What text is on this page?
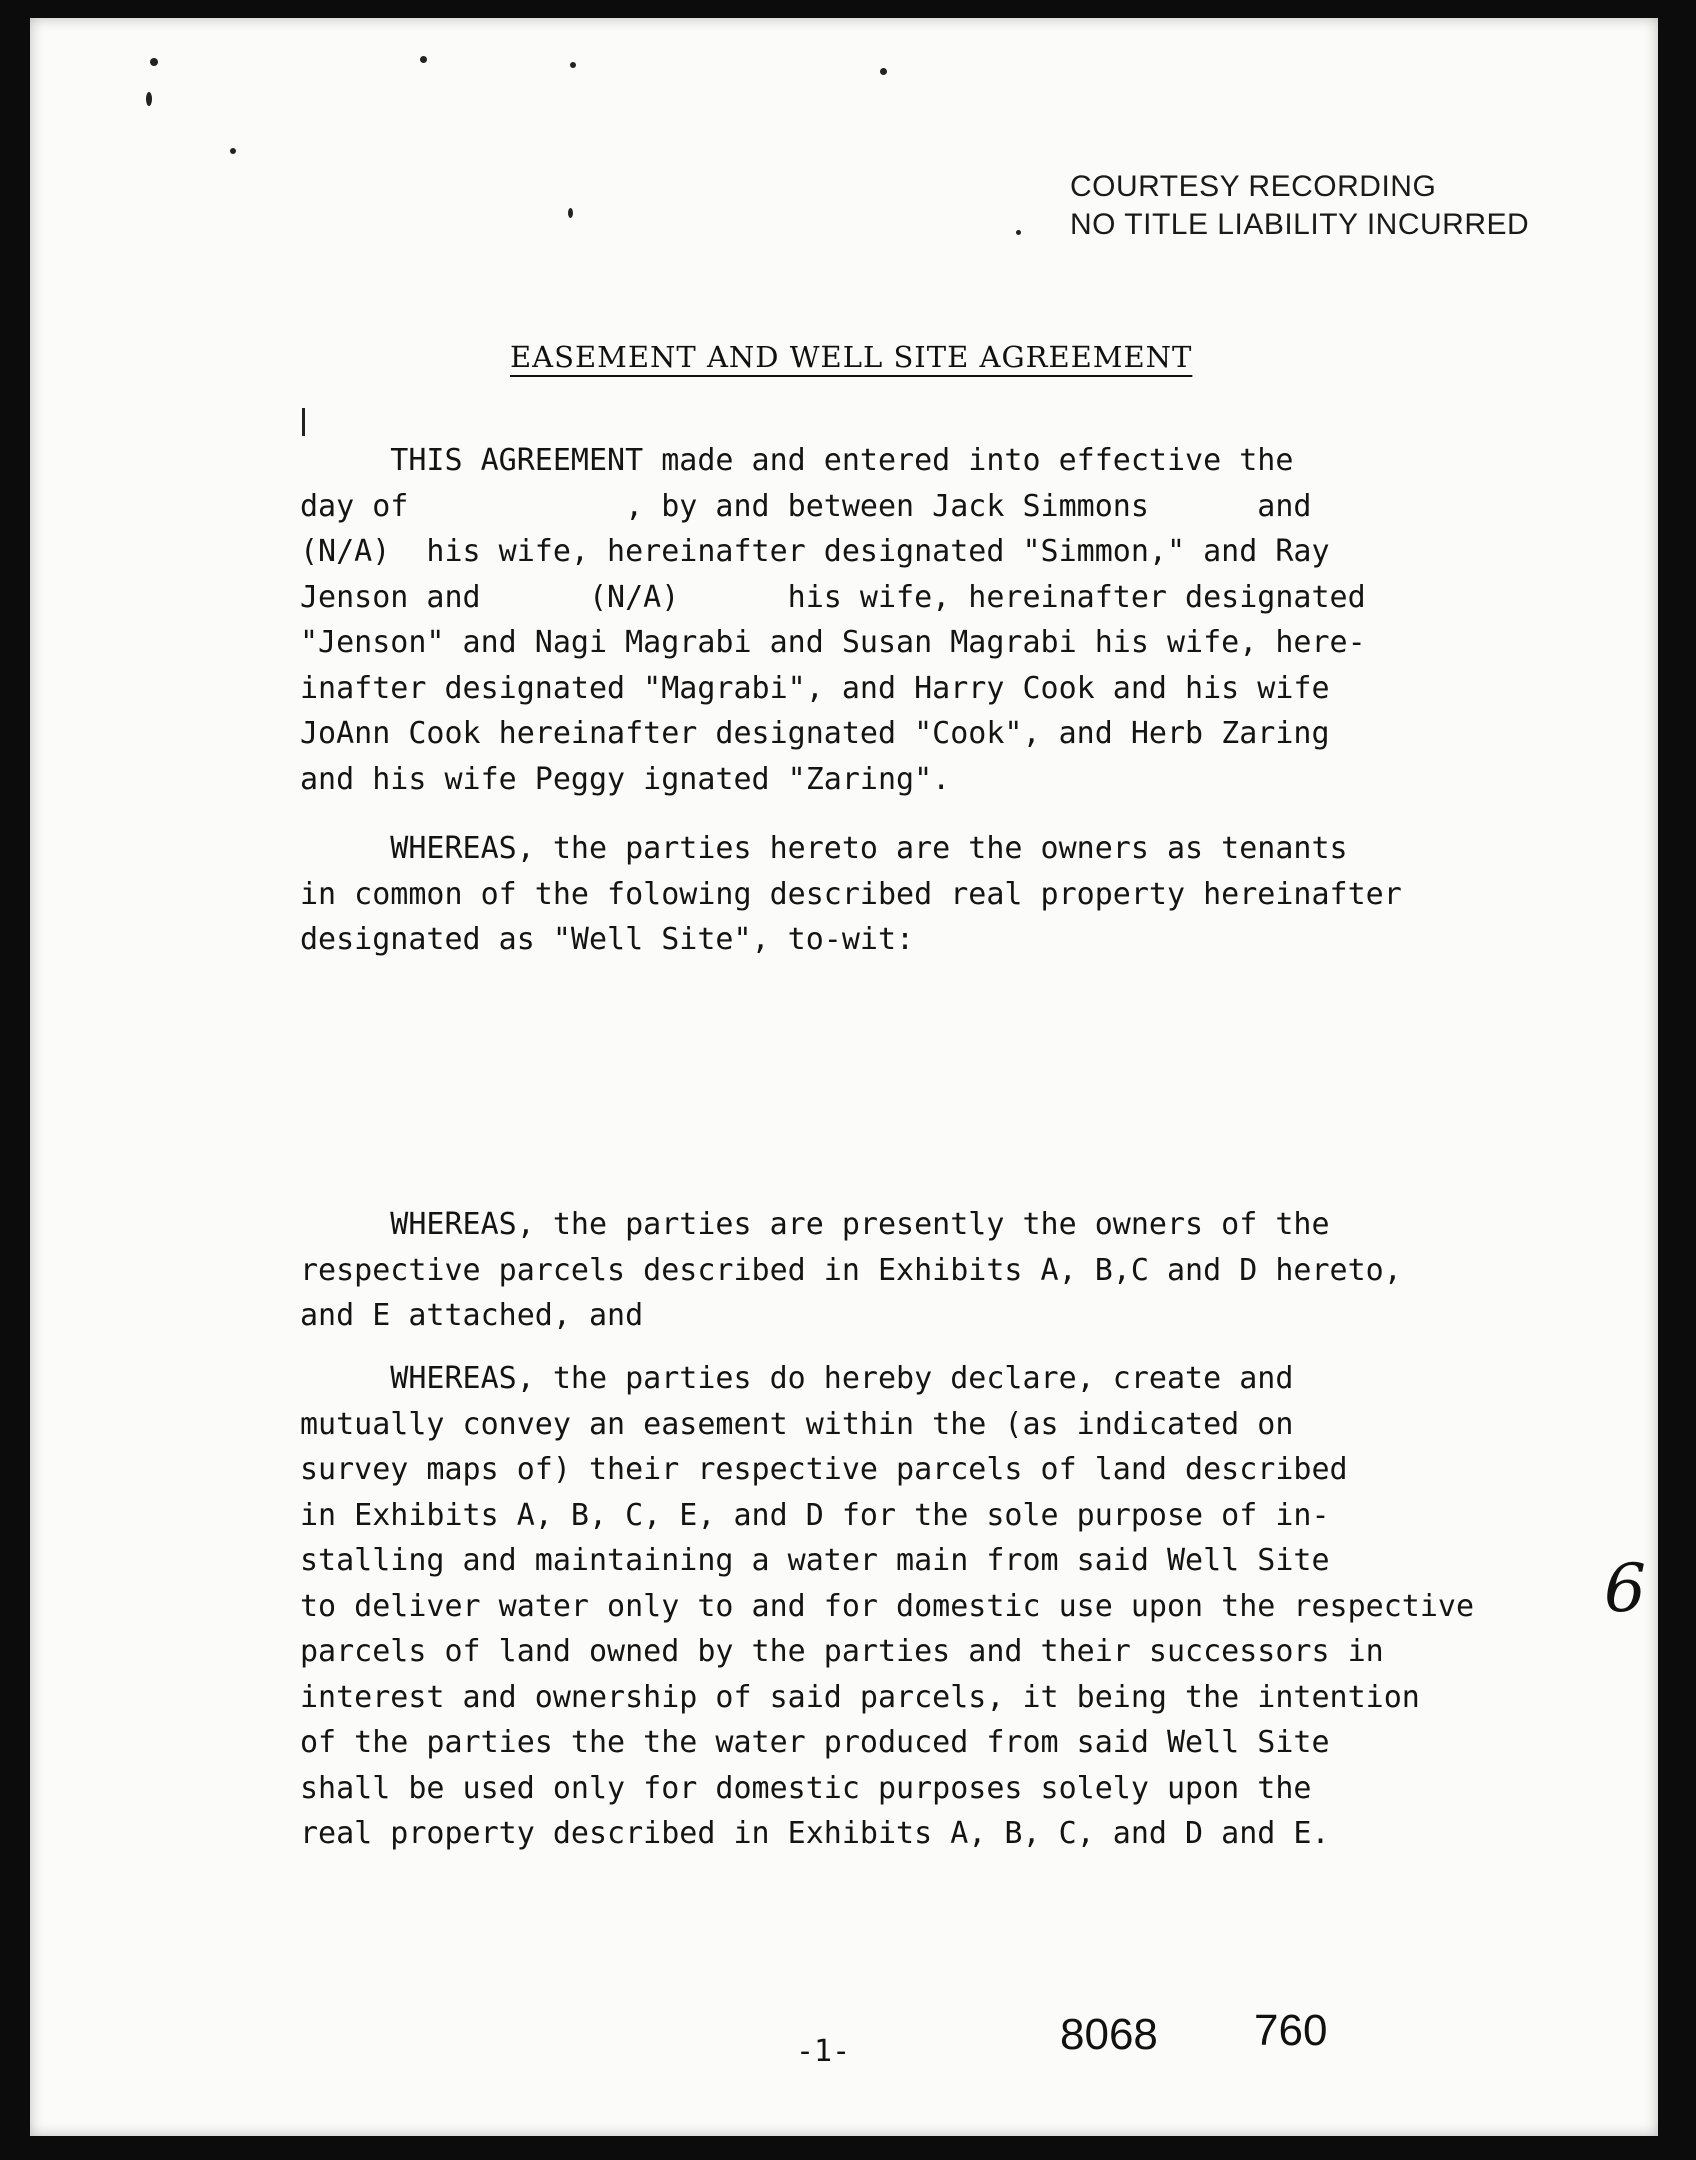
COURTESY RECORDING
NO TITLE LIABILITY INCURRED
EASEMENT AND WELL SITE AGREEMENT
THIS AGREEMENT made and entered into effective the
day of            , by and between Jack Simmons      and
(N/A)  his wife, hereinafter designated "Simmon," and Ray
Jenson and      (N/A)      his wife, hereinafter designated
"Jenson" and Nagi Magrabi and Susan Magrabi his wife, here-
inafter designated "Magrabi", and Harry Cook and his wife
JoAnn Cook hereinafter designated "Cook", and Herb Zaring
and his wife Peggy ignated "Zaring".
WHEREAS, the parties hereto are the owners as tenants
in common of the folowing described real property hereinafter
designated as "Well Site", to-wit:
WHEREAS, the parties are presently the owners of the
respective parcels described in Exhibits A, B,C and D hereto,
and E attached, and
WHEREAS, the parties do hereby declare, create and
mutually convey an easement within the (as indicated on
survey maps of) their respective parcels of land described
in Exhibits A, B, C, E, and D for the sole purpose of in-
stalling and maintaining a water main from said Well Site
to deliver water only to and for domestic use upon the respective
parcels of land owned by the parties and their successors in
interest and ownership of said parcels, it being the intention
of the parties the the water produced from said Well Site
shall be used only for domestic purposes solely upon the
real property described in Exhibits A, B, C, and D and E.
6
-1-	8068 760
